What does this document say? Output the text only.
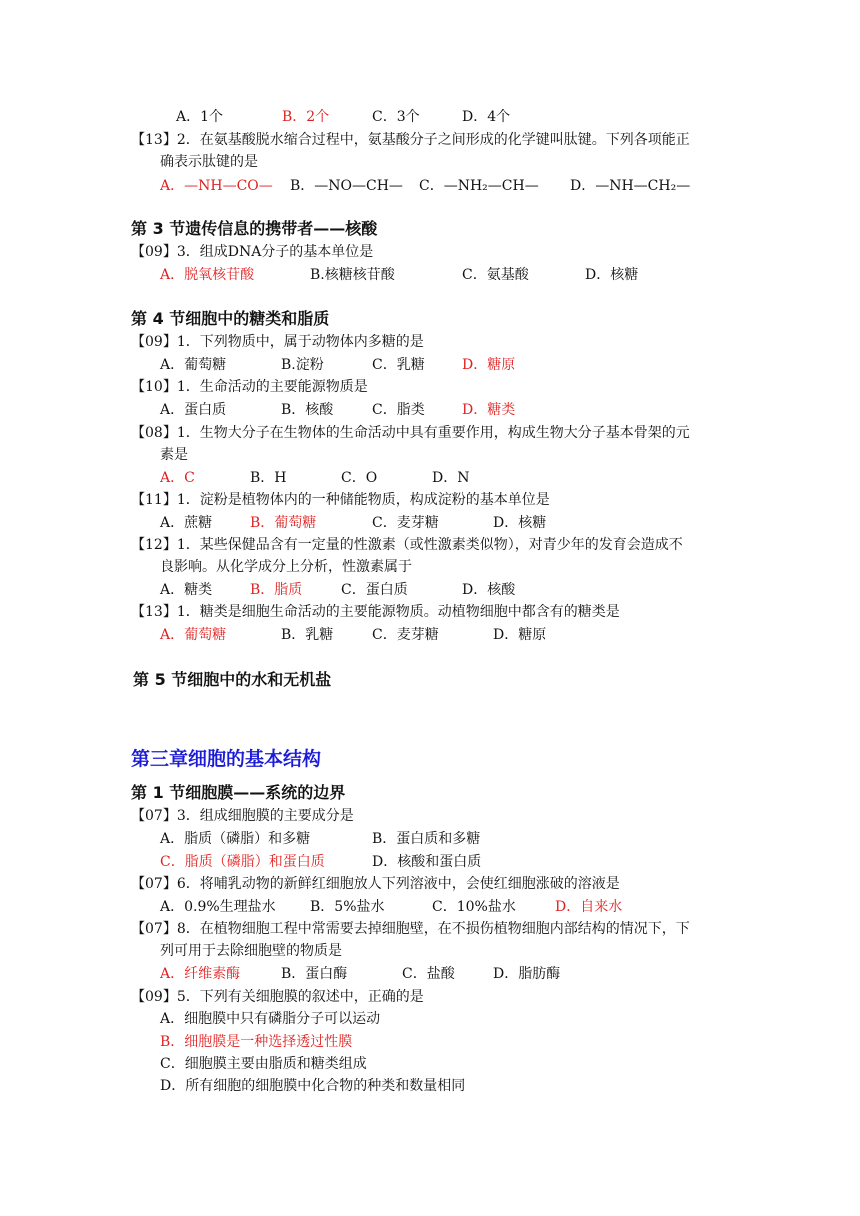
A．1个	B．2个	C．3个	D．4个
【13】2．在氨基酸脱水缩合过程中，氨基酸分子之间形成的化学键叫肽键。下列各项能正
确表示肽键的是
A．—NH—CO— B．—NO—CH— C．—NH₂—CH— D．—NH—CH₂—
第 3 节遗传信息的携带者——核酸
【09】3．组成DNA分子的基本单位是
A．脱氧核苷酸	B.核糖核苷酸	C．氨基酸	D．核糖
第 4 节细胞中的糖类和脂质
【09】1．下列物质中，属于动物体内多糖的是
A．葡萄糖	B.淀粉	C．乳糖	D．糖原
【10】1．生命活动的主要能源物质是
A．蛋白质	B．核酸	C．脂类	D．糖类
【08】1．生物大分子在生物体的生命活动中具有重要作用，构成生物大分子基本骨架的元
素是
A．C	B．H	C．O	D．N
【11】1．淀粉是植物体内的一种储能物质，构成淀粉的基本单位是
A．蔗糖	B．葡萄糖	C．麦芽糖	D．核糖
【12】1．某些保健品含有一定量的性激素（或性激素类似物），对青少年的发育会造成不
良影响。从化学成分上分析，性激素属于
A．糖类	B．脂质	C．蛋白质	D．核酸
【13】1．糖类是细胞生命活动的主要能源物质。动植物细胞中都含有的糖类是
A．葡萄糖	B．乳糖	C．麦芽糖	D．糖原
第 5 节细胞中的水和无机盐
第三章细胞的基本结构
第 1 节细胞膜——系统的边界
【07】3．组成细胞膜的主要成分是
A．脂质（磷脂）和多糖	B．蛋白质和多糖
C．脂质（磷脂）和蛋白质	D．核酸和蛋白质
【07】6．将哺乳动物的新鲜红细胞放人下列溶液中，会使红细胞涨破的溶液是
A．0.9%生理盐水 B．5%盐水	C．10%盐水	D．自来水
【07】8．在植物细胞工程中常需要去掉细胞壁，在不损伤植物细胞内部结构的情况下，下
列可用于去除细胞壁的物质是
A．纤维素酶	B．蛋白酶	C．盐酸	D．脂肪酶
【09】5．下列有关细胞膜的叙述中，正确的是
A．细胞膜中只有磷脂分子可以运动
B．细胞膜是一种选择透过性膜
C．细胞膜主要由脂质和糖类组成
D．所有细胞的细胞膜中化合物的种类和数量相同
